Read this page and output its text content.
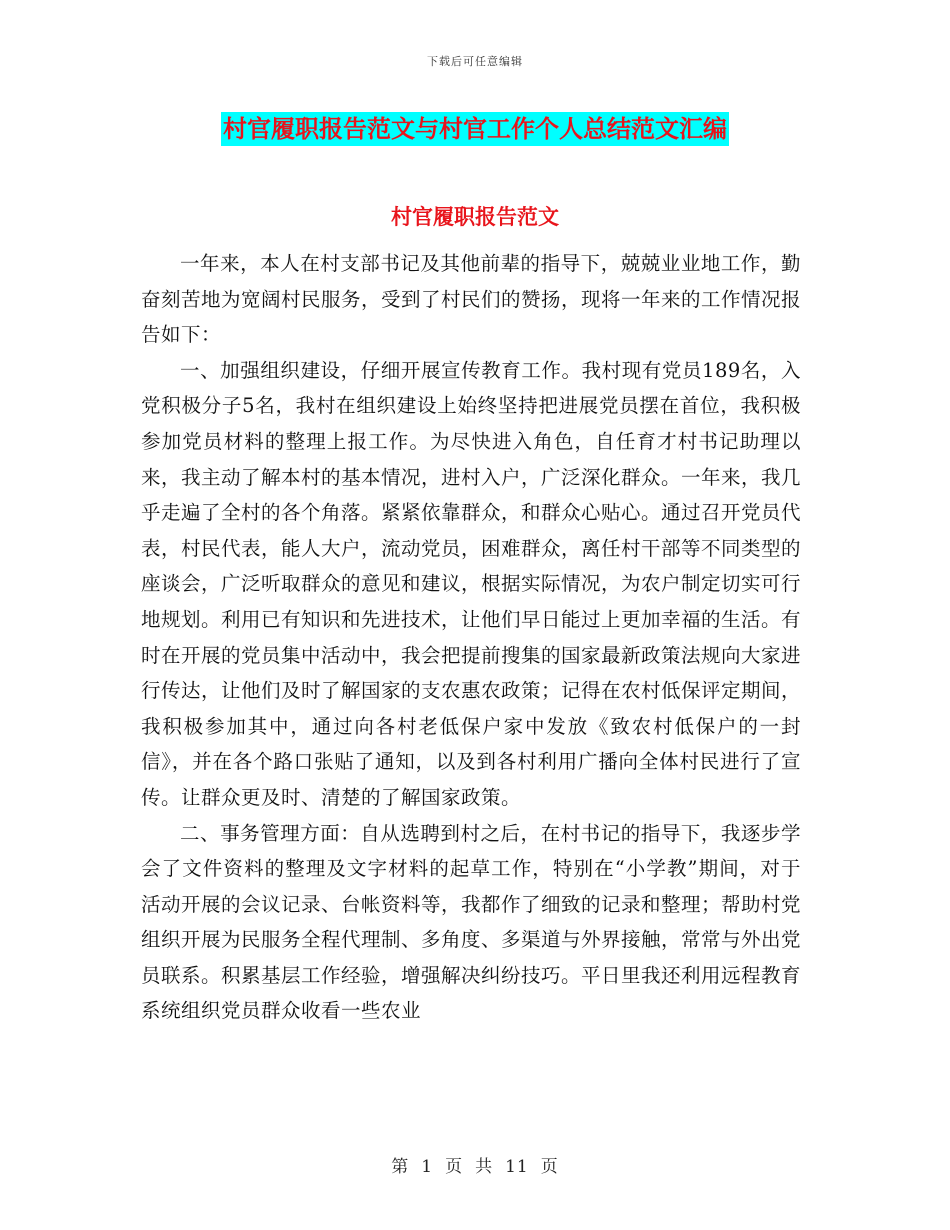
下载后可任意编辑
村官履职报告范文与村官工作个人总结范文汇编
村官履职报告范文

一年来，本人在村支部书记及其他前辈的指导下，兢兢业业地工作，勤奋刻苦地为宽阔村民服务，受到了村民们的赞扬，现将一年来的工作情况报告如下：

一、加强组织建设，仔细开展宣传教育工作。我村现有党员189名，入党积极分子5名，我村在组织建设上始终坚持把进展党员摆在首位，我积极参加党员材料的整理上报工作。为尽快进入角色，自任育才村书记助理以来，我主动了解本村的基本情况，进村入户，广泛深化群众。一年来，我几乎走遍了全村的各个角落。紧紧依靠群众，和群众心贴心。通过召开党员代表，村民代表，能人大户，流动党员，困难群众，离任村干部等不同类型的座谈会，广泛听取群众的意见和建议，根据实际情况，为农户制定切实可行地规划。利用已有知识和先进技术，让他们早日能过上更加幸福的生活。有时在开展的党员集中活动中，我会把提前搜集的国家最新政策法规向大家进行传达，让他们及时了解国家的支农惠农政策；记得在农村低保评定期间，我积极参加其中，通过向各村老低保户家中发放《致农村低保户的一封信》，并在各个路口张贴了通知，以及到各村利用广播向全体村民进行了宣传。让群众更及时、清楚的了解国家政策。

二、事务管理方面：自从选聘到村之后，在村书记的指导下，我逐步学会了文件资料的整理及文字材料的起草工作，特别在“小学教”期间，对于活动开展的会议记录、台帐资料等，我都作了细致的记录和整理；帮助村党组织开展为民服务全程代理制、多角度、多渠道与外界接触，常常与外出党员联系。积累基层工作经验，增强解决纠纷技巧。平日里我还利用远程教育系统组织党员群众收看一些农业

第 1 页 共 11 页
